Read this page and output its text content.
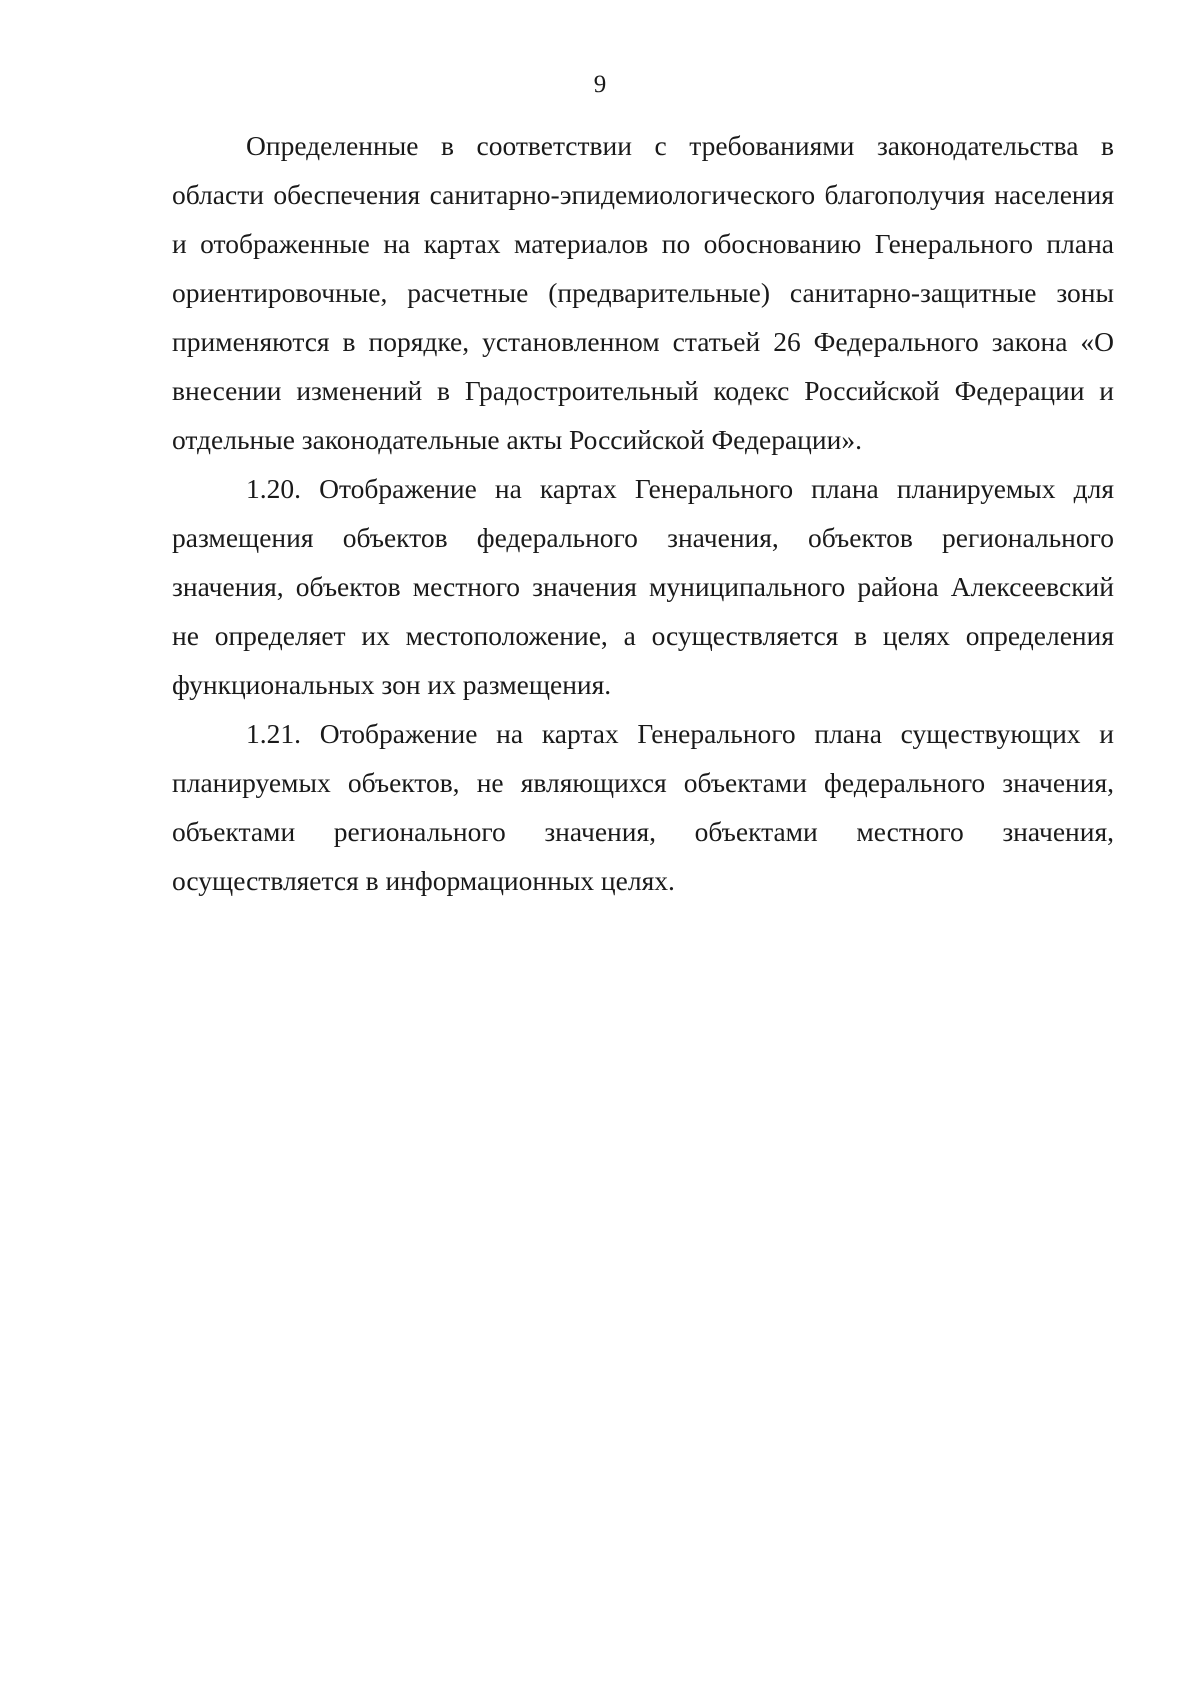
9

Определенные в соответствии с требованиями законодательства в области обеспечения санитарно-эпидемиологического благополучия населения и отображенные на картах материалов по обоснованию Генерального плана ориентировочные, расчетные (предварительные) санитарно-защитные зоны применяются в порядке, установленном статьей 26 Федерального закона «О внесении изменений в Градостроительный кодекс Российской Федерации и отдельные законодательные акты Российской Федерации».

1.20. Отображение на картах Генерального плана планируемых для размещения объектов федерального значения, объектов регионального значения, объектов местного значения муниципального района Алексеевский не определяет их местоположение, а осуществляется в целях определения функциональных зон их размещения.

1.21. Отображение на картах Генерального плана существующих и планируемых объектов, не являющихся объектами федерального значения, объектами регионального значения, объектами местного значения, осуществляется в информационных целях.
